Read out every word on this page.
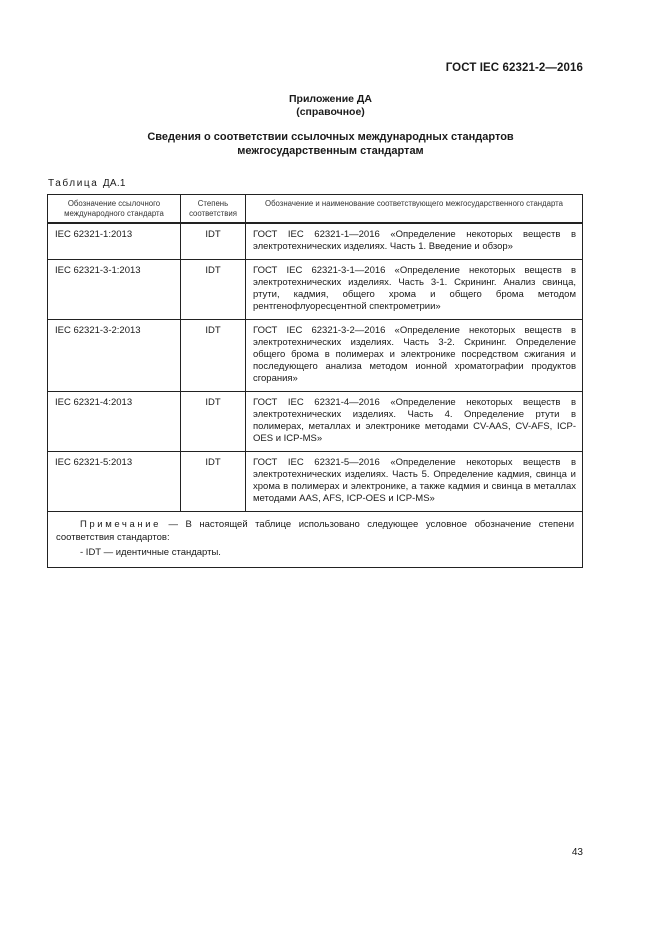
ГОСТ IEC 62321-2—2016
Приложение ДА
(справочное)
Сведения о соответствии ссылочных международных стандартов
межгосударственным стандартам
Таблица ДА.1
Обозначение ссылочного международного стандарта	Степень соответствия	Обозначение и наименование соответствующего межгосударственного стандарта
IEC 62321-1:2013	IDT	ГОСТ IEC 62321-1—2016 «Определение некоторых веществ в электротехнических изделиях. Часть 1. Введение и обзор»
IEC 62321-3-1:2013	IDT	ГОСТ IEC 62321-3-1—2016 «Определение некоторых веществ в электротехнических изделиях. Часть 3-1. Скрининг. Анализ свинца, ртути, кадмия, общего хрома и общего брома методом рентгенофлуоресцентной спектрометрии»
IEC 62321-3-2:2013	IDT	ГОСТ IEC 62321-3-2—2016 «Определение некоторых веществ в электротехнических изделиях. Часть 3-2. Скрининг. Определение общего брома в полимерах и электронике посредством сжигания и последующего анализа методом ионной хроматографии продуктов сгорания»
IEC 62321-4:2013	IDT	ГОСТ IEC 62321-4—2016 «Определение некоторых веществ в электротехнических изделиях. Часть 4. Определение ртути в полимерах, металлах и электронике методами CV-AAS, CV-AFS, ICP-OES и ICP-MS»
IEC 62321-5:2013	IDT	ГОСТ IEC 62321-5—2016 «Определение некоторых веществ в электротехнических изделиях. Часть 5. Определение кадмия, свинца и хрома в полимерах и электронике, а также кадмия и свинца в металлах методами AAS, AFS, ICP-OES и ICP-MS»

Примечание — В настоящей таблице использовано следующее условное обозначение степени соответствия стандартов:

- IDT — идентичные стандарты.		
43
